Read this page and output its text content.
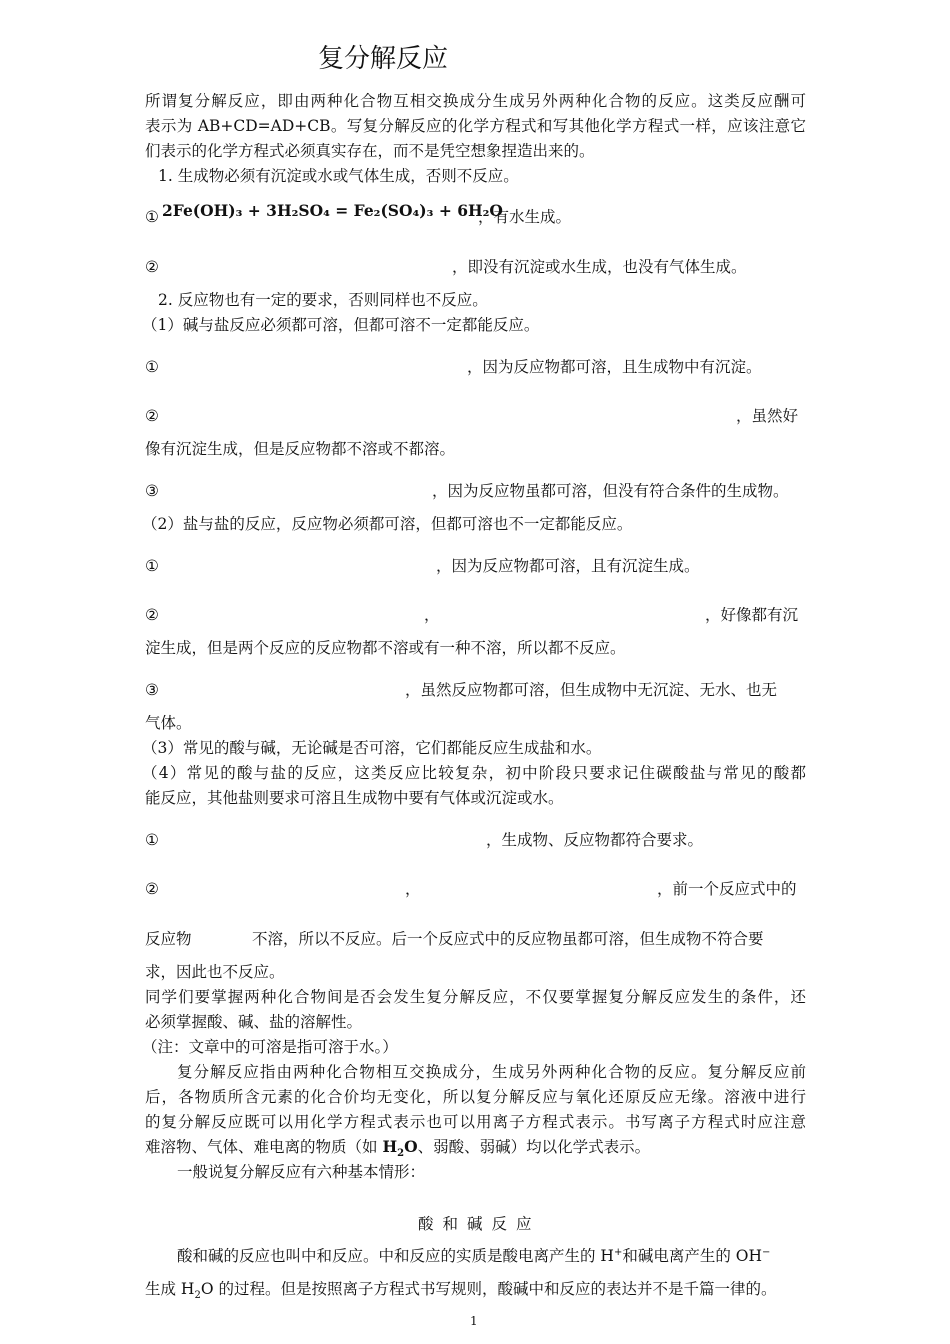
复分解反应
所谓复分解反应，即由两种化合物互相交换成分生成另外两种化合物的反应。这类反应酬可
表示为 AB+CD=AD+CB。写复分解反应的化学方程式和写其他化学方程式一样，应该注意它
们表示的化学方程式必须真实存在，而不是凭空想象捏造出来的。
1. 生成物必须有沉淀或水或气体生成，否则不反应。
① 2Fe(OH)₃ + 3H₂SO₄ = Fe₂(SO₄)₃ + 6H₂O
，有水生成。
②	，即没有沉淀或水生成，也没有气体生成。
2. 反应物也有一定的要求，否则同样也不反应。
（1）碱与盐反应必须都可溶，但都可溶不一定都能反应。
①	，因为反应物都可溶，且生成物中有沉淀。
②	，虽然好
像有沉淀生成，但是反应物都不溶或不都溶。
③	，因为反应物虽都可溶，但没有符合条件的生成物。
（2）盐与盐的反应，反应物必须都可溶，但都可溶也不一定都能反应。
①	，因为反应物都可溶，且有沉淀生成。
②	，	，好像都有沉
淀生成，但是两个反应的反应物都不溶或有一种不溶，所以都不反应。
③	，虽然反应物都可溶，但生成物中无沉淀、无水、也无
气体。
（3）常见的酸与碱，无论碱是否可溶，它们都能反应生成盐和水。
（4）常见的酸与盐的反应，这类反应比较复杂，初中阶段只要求记住碳酸盐与常见的酸都
能反应，其他盐则要求可溶且生成物中要有气体或沉淀或水。
①	，生成物、反应物都符合要求。
②	，	，前一个反应式中的
反应物	不溶，所以不反应。后一个反应式中的反应物虽都可溶，但生成物不符合要
求，因此也不反应。
同学们要掌握两种化合物间是否会发生复分解反应，不仅要掌握复分解反应发生的条件，还
必须掌握酸、碱、盐的溶解性。
（注：文章中的可溶是指可溶于水。）
复分解反应指由两种化合物相互交换成分，生成另外两种化合物的反应。复分解反应前
后，各物质所含元素的化合价均无变化，所以复分解反应与氧化还原反应无缘。溶液中进行
的复分解反应既可以用化学方程式表示也可以用离子方程式表示。书写离子方程式时应注意
难溶物、气体、难电离的物质（如 $H_2O$、弱酸、弱碱）均以化学式表示。
一般说复分解反应有六种基本情形：
酸和碱反应
酸和碱的反应也叫中和反应。中和反应的实质是酸电离产生的 H+和碱电离产生的 OH−
生成 $H_2O$ 的过程。但是按照离子方程式书写规则，酸碱中和反应的表达并不是千篇一律的。
1
